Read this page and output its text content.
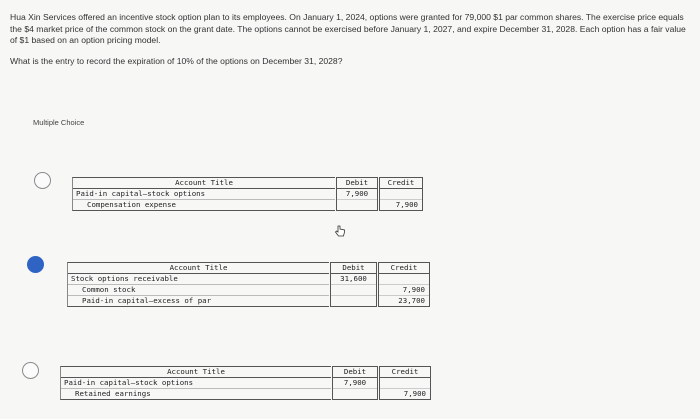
Hua Xin Services offered an incentive stock option plan to its employees. On January 1, 2024, options were granted for 79,000 $1 par common shares. The exercise price equals the $4 market price of the common stock on the grant date. The options cannot be exercised before January 1, 2027, and expire December 31, 2028. Each option has a fair value of $1 based on an option pricing model.

What is the entry to record the expiration of 10% of the options on December 31, 2028?

Multiple Choice
Account Title
Paid-in capital—stock options
Compensation expense
Debit
7,900
Credit
7,900
Account Title
Stock options receivable
Common stock
Paid-in capital—excess of par
Debit
31,600
Credit
7,900
23,700
Account Title
Paid-in capital—stock options
Retained earnings
Debit
7,900
Credit
7,900
